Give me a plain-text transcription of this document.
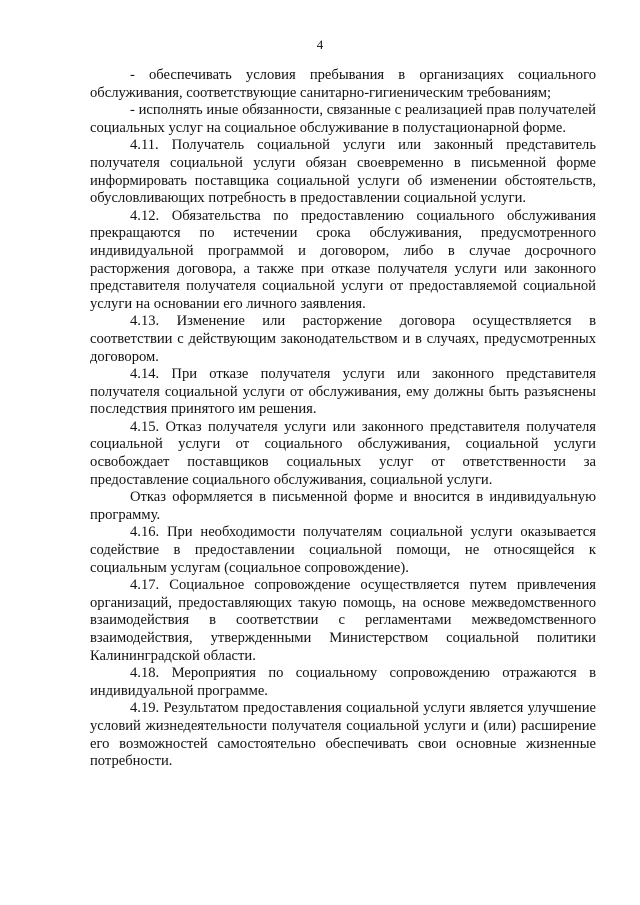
4

- обеспечивать условия пребывания в организациях социального обслуживания, соответствующие санитарно-гигиеническим требованиям;

- исполнять иные обязанности, связанные с реализацией прав получателей социальных услуг на социальное обслуживание в полустационарной форме.

4.11. Получатель социальной услуги или законный представитель получателя социальной услуги обязан своевременно в письменной форме информировать поставщика социальной услуги об изменении обстоятельств, обусловливающих потребность в предоставлении социальной услуги.

4.12. Обязательства по предоставлению социального обслуживания прекращаются по истечении срока обслуживания, предусмотренного индивидуальной программой и договором, либо в случае досрочного расторжения договора, а также при отказе получателя услуги или законного представителя получателя социальной услуги от предоставляемой социальной услуги на основании его личного заявления.

4.13. Изменение или расторжение договора осуществляется в соответствии с действующим законодательством и в случаях, предусмотренных договором.

4.14. При отказе получателя услуги или законного представителя получателя социальной услуги от обслуживания, ему должны быть разъяснены последствия принятого им решения.

4.15. Отказ получателя услуги или законного представителя получателя социальной услуги от социального обслуживания, социальной услуги освобождает поставщиков социальных услуг от ответственности за предоставление социального обслуживания, социальной услуги.

Отказ оформляется в письменной форме и вносится в индивидуальную программу.

4.16. При необходимости получателям социальной услуги оказывается содействие в предоставлении социальной помощи, не относящейся к социальным услугам (социальное сопровождение).

4.17. Социальное сопровождение осуществляется путем привлечения организаций, предоставляющих такую помощь, на основе межведомственного взаимодействия в соответствии с регламентами межведомственного взаимодействия, утвержденными Министерством социальной политики Калининградской области.

4.18. Мероприятия по социальному сопровождению отражаются в индивидуальной программе.

4.19. Результатом предоставления социальной услуги является улучшение условий жизнедеятельности получателя социальной услуги и (или) расширение его возможностей самостоятельно обеспечивать свои основные жизненные потребности.
